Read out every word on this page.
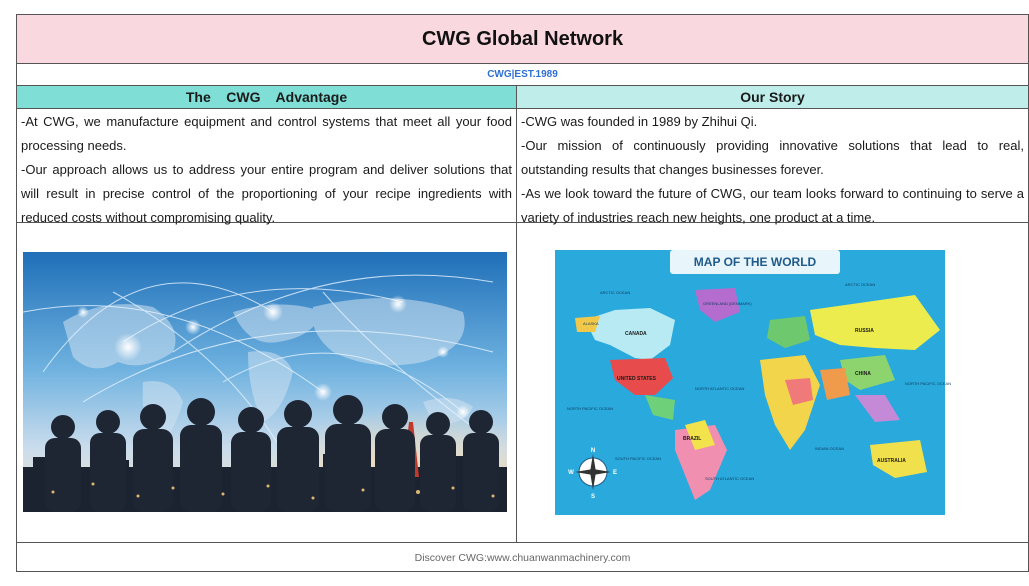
CWG Global Network
CWG|EST.1989
The    CWG    Advantage	Our Story

-At CWG, we manufacture equipment and control systems that meet all your food processing needs.

-Our approach allows us to address your entire program and deliver solutions that will result in precise control of the proportioning of your recipe ingredients with reduced costs without compromising quality.

-CWG was founded in 1989 by Zhihui Qi.

-Our mission of continuously providing innovative solutions that lead to real, outstanding results that changes businesses forever.

-As we look toward the future of CWG, our team looks forward to continuing to serve a variety of industries reach new heights, one product at a time.

MAP OF THE WORLD
ARCTIC OCEAN
ARCTIC OCEAN
ALASKA
GREENLAND (DENMARK)
NORTH PACIFIC OCEAN
NORTH ATLANTIC OCEAN
SOUTH PACIFIC OCEAN
SOUTH ATLANTIC OCEAN
INDIAN OCEAN
NORTH PACIFIC OCEAN
CANADA
UNITED STATES
RUSSIA
CHINA
BRAZIL
AUSTRALIA
N
S
E
W
Discover CWG:www.chuanwanmachinery.com
